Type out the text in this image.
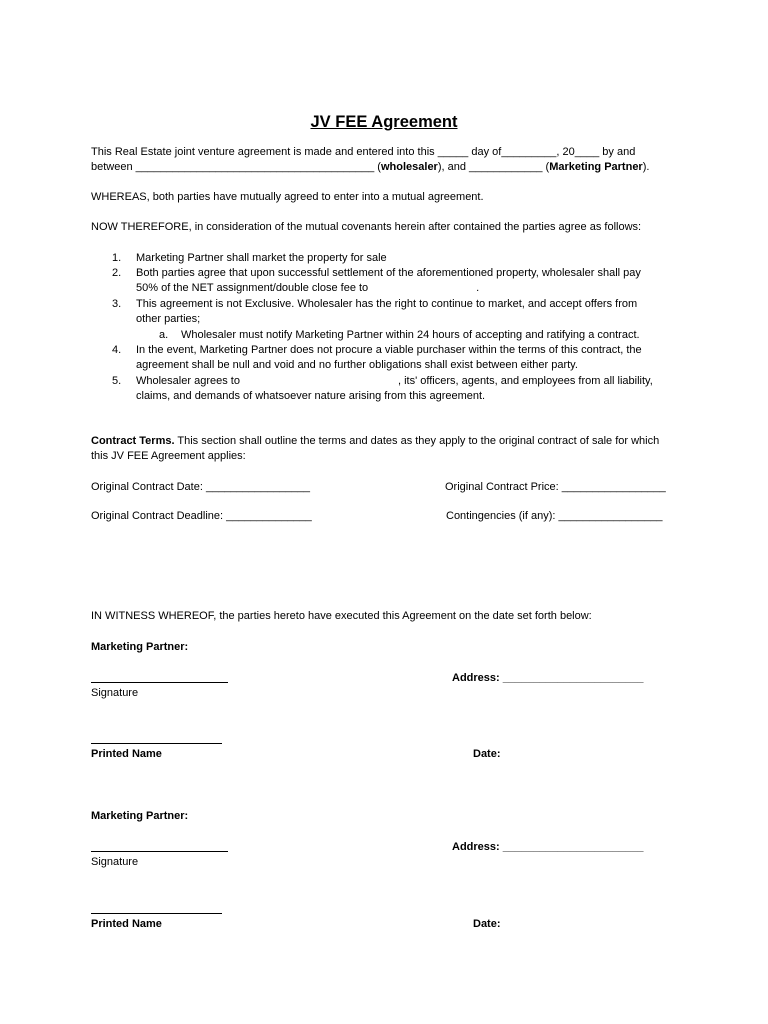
JV FEE Agreement

This Real Estate joint venture agreement is made and entered into this _____ day of_________, 20____ by and

between _______________________________________ (wholesaler), and ____________ (Marketing Partner).

WHEREAS, both parties have mutually agreed to enter into a mutual agreement.

NOW THEREFORE, in consideration of the mutual covenants herein after contained the parties agree as follows:

1. Marketing Partner shall market the property for sale
2. Both parties agree that upon successful settlement of the aforementioned property, wholesaler shall pay
50% of the NET assignment/double close fee to	.
3. This agreement is not Exclusive. Wholesaler has the right to continue to market, and accept offers from
other parties;
a. Wholesaler must notify Marketing Partner within 24 hours of accepting and ratifying a contract.
4. In the event, Marketing Partner does not procure a viable purchaser within the terms of this contract, the
agreement shall be null and void and no further obligations shall exist between either party.
5. Wholesaler agrees to	, its' officers, agents, and employees from all liability,
claims, and demands of whatsoever nature arising from this agreement.

Contract Terms. This section shall outline the terms and dates as they apply to the original contract of sale for which

this JV FEE Agreement applies:

Original Contract Date: _________________	Original Contract Price: _________________

Original Contract Deadline: ______________	Contingencies (if any): _________________

IN WITNESS WHEREOF, the parties hereto have executed this Agreement on the date set forth below:

Marketing Partner:

Address: _______________________

Signature

Printed Name	Date:

Marketing Partner:

Address: _______________________

Signature

Printed Name	Date:
